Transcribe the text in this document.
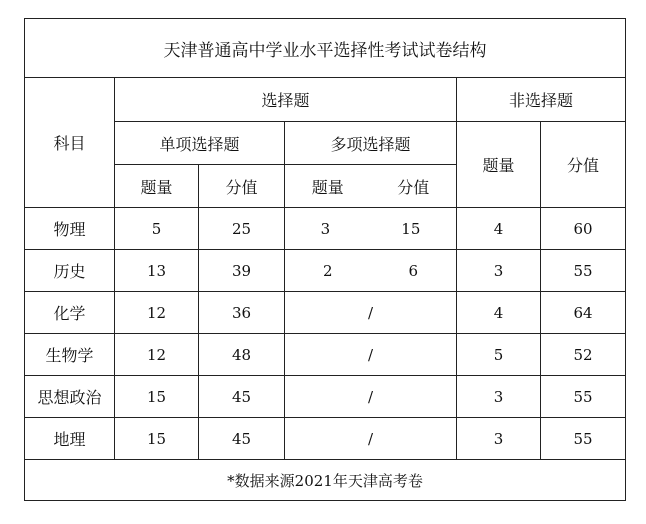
天津普通高中学业水平选择性考试试卷结构					
科目	选择题			非选择题	
	单项选择题		多项选择题	题量	分值
	题量	分值	题量 分值		

物理	5	25	3 15	4	60
历史	13	39	2 6	3	55
化学	12	36	/	4	64
生物学	12	48	/	5	52
思想政治	15	45	/	3	55
地理	15	45	/	3	55
*数据来源2021年天津高考卷					
